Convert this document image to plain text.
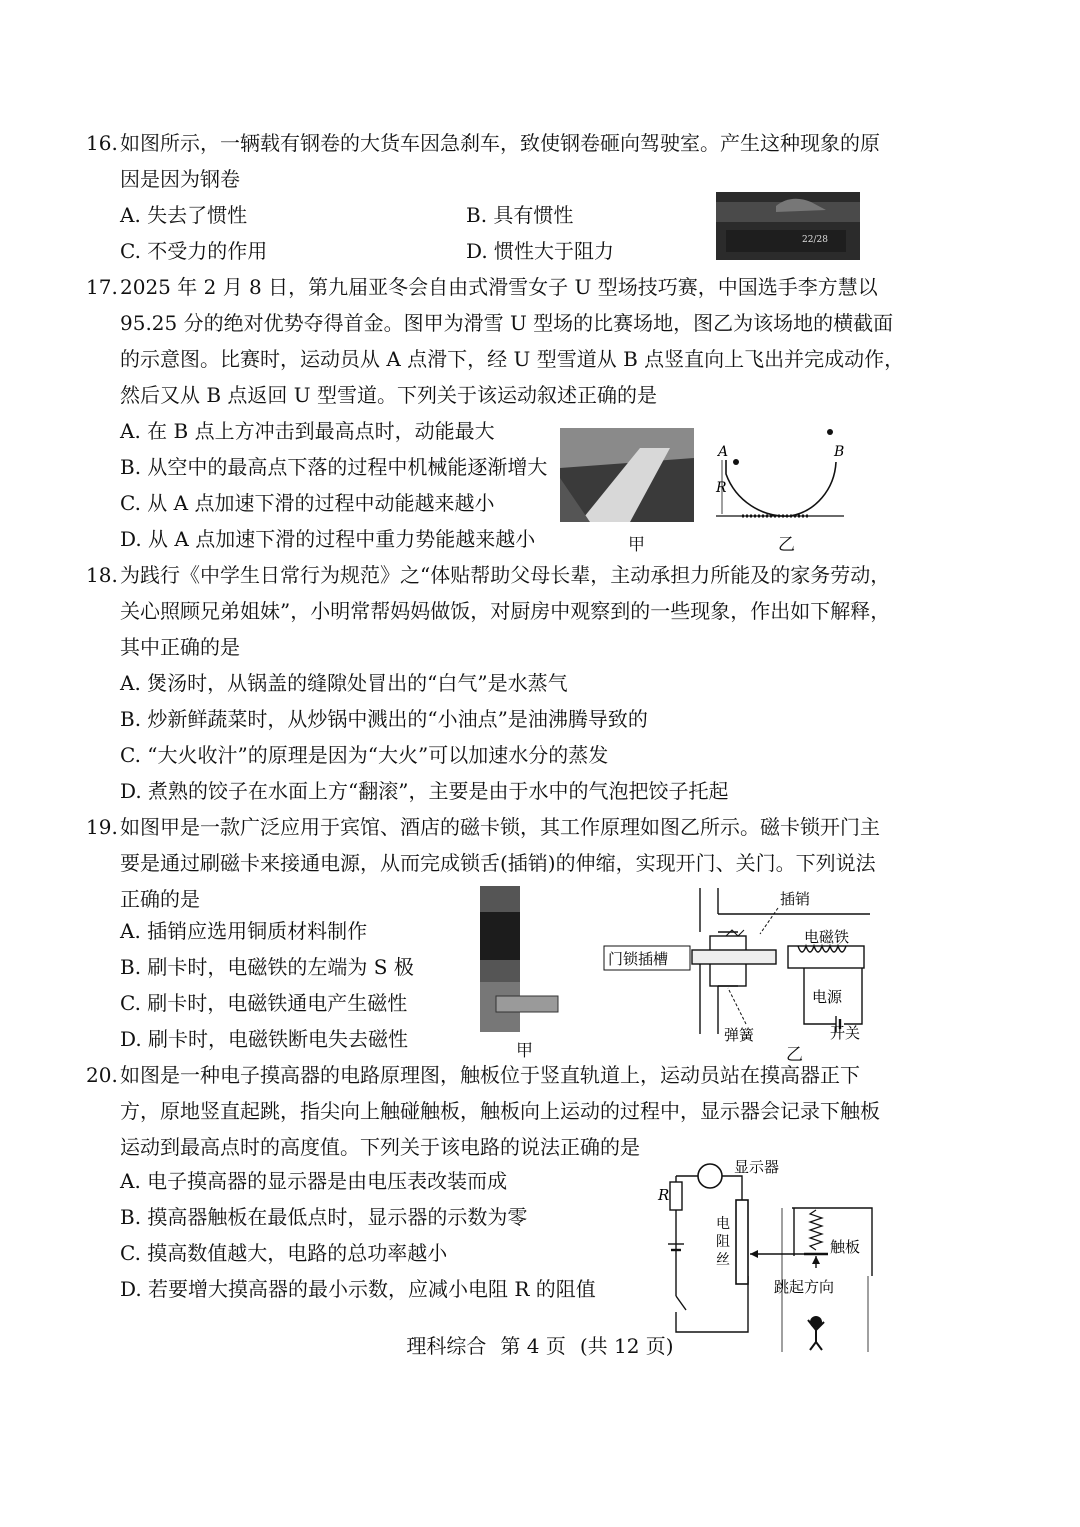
16. 如图所示，一辆载有钢卷的大货车因急刹车，致使钢卷砸向驾驶室。产生这种现象的原
因是因为钢卷
A. 失去了惯性	B. 具有惯性
C. 不受力的作用	D. 惯性大于阻力	22/28
17. 2025 年 2 月 8 日，第九届亚冬会自由式滑雪女子 U 型场技巧赛，中国选手李方慧以
95.25 分的绝对优势夺得首金。图甲为滑雪 U 型场的比赛场地，图乙为该场地的横截面
的示意图。比赛时，运动员从 A 点滑下，经 U 型雪道从 B 点竖直向上飞出并完成动作，
然后又从 B 点返回 U 型雪道。下列关于该运动叙述正确的是
A. 在 B 点上方冲击到最高点时，动能最大
B. 从空中的最高点下落的过程中机械能逐渐增大
C. 从 A 点加速下滑的过程中动能越来越小
D. 从 A 点加速下滑的过程中重力势能越来越小	甲
A	B
R
乙
18. 为践行《中学生日常行为规范》之“体贴帮助父母长辈，主动承担力所能及的家务劳动，
关心照顾兄弟姐妹”，小明常帮妈妈做饭，对厨房中观察到的一些现象，作出如下解释，
其中正确的是
A. 煲汤时，从锅盖的缝隙处冒出的“白气”是水蒸气
B. 炒新鲜蔬菜时，从炒锅中溅出的“小油点”是油沸腾导致的
C. “大火收汁”的原理是因为“大火”可以加速水分的蒸发
D. 煮熟的饺子在水面上方“翻滚”，主要是由于水中的气泡把饺子托起
19. 如图甲是一款广泛应用于宾馆、酒店的磁卡锁，其工作原理如图乙所示。磁卡锁开门主
要是通过刷磁卡来接通电源，从而完成锁舌(插销)的伸缩，实现开门、关门。下列说法
正确的是
A. 插销应选用铜质材料制作
B. 刷卡时，电磁铁的左端为 S 极
C. 刷卡时，电磁铁通电产生磁性
D. 刷卡时，电磁铁断电失去磁性	甲
门锁插槽
插销
电磁铁
电源
开关
弹簧
乙
20. 如图是一种电子摸高器的电路原理图，触板位于竖直轨道上，运动员站在摸高器正下
方，原地竖直起跳，指尖向上触碰触板，触板向上运动的过程中，显示器会记录下触板
运动到最高点时的高度值。下列关于该电路的说法正确的是
A. 电子摸高器的显示器是由电压表改装而成
B. 摸高器触板在最低点时，显示器的示数为零
C. 摸高数值越大，电路的总功率越小
D. 若要增大摸高器的最小示数，应减小电阻 R 的阻值
显示器
R
电
阻
丝
触板
跳起方向
理科综合 第 4 页 (共 12 页)
